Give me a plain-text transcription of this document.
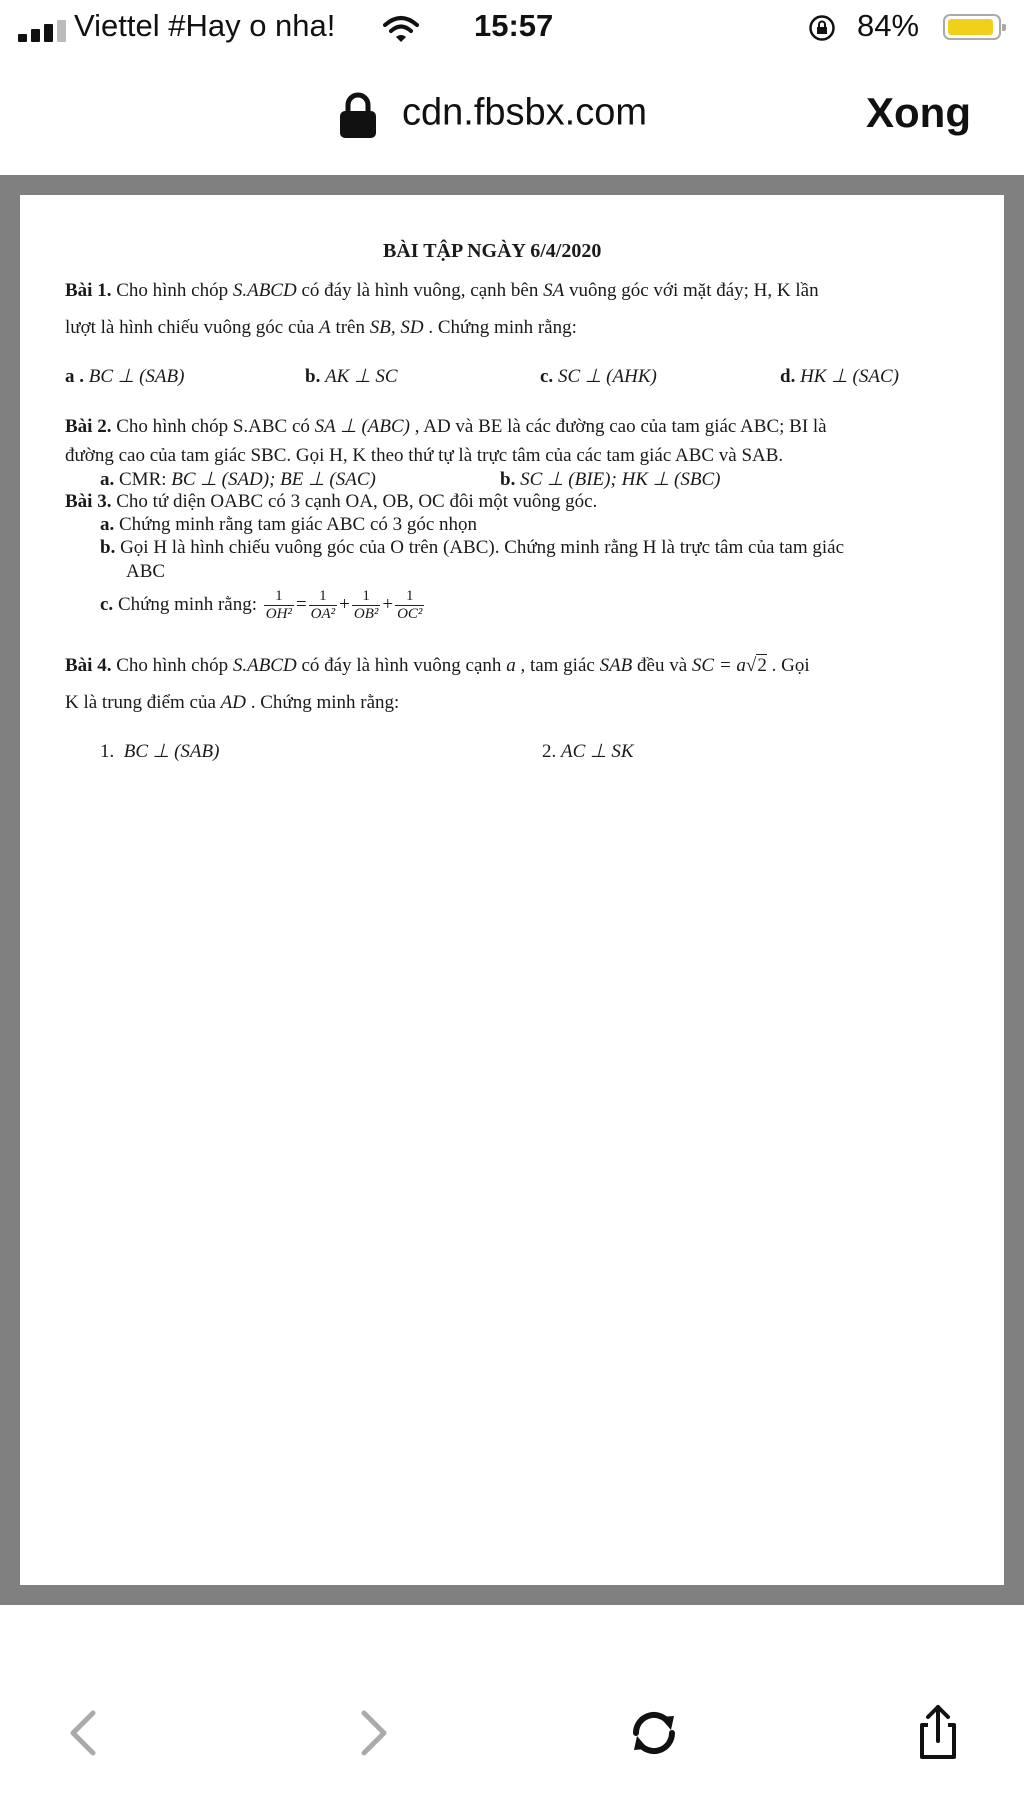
Viettel #Hay o nha!	15:57	84%
cdn.fbsbx.com	Xong
BÀI TẬP NGÀY 6/4/2020
Bài 1. Cho hình chóp S.ABCD có đáy là hình vuông, cạnh bên SA vuông góc với mặt đáy; H, K lần
lượt là hình chiếu vuông góc của A trên SB, SD . Chứng minh rằng:
a . BC ⊥ (SAB)	b. AK ⊥ SC	c. SC ⊥ (AHK)	d. HK ⊥ (SAC)
Bài 2. Cho hình chóp S.ABC có SA ⊥ (ABC) , AD và BE là các đường cao của tam giác ABC; BI là
đường cao của tam giác SBC. Gọi H, K theo thứ tự là trực tâm của các tam giác ABC và SAB.
a. CMR: BC ⊥ (SAD); BE ⊥ (SAC)	b. SC ⊥ (BIE); HK ⊥ (SBC)
Bài 3. Cho tứ diện OABC có 3 cạnh OA, OB, OC đôi một vuông góc.
a. Chứng minh rằng tam giác ABC có 3 góc nhọn
b. Gọi H là hình chiếu vuông góc của O trên (ABC). Chứng minh rằng H là trực tâm của tam giác
ABC
c. Chứng minh rằng: $\frac{1}{\text{OH²}} = \frac{1}{\text{OA²}} + \frac{1}{\text{OB²}} + \frac{1}{\text{OC²}}$
Bài 4. Cho hình chóp S.ABCD có đáy là hình vuông cạnh a , tam giác SAB đều và SC = a√2 . Gọi
K là trung điểm của AD . Chứng minh rằng:
1. BC ⊥ (SAB)	2. AC ⊥ SK
